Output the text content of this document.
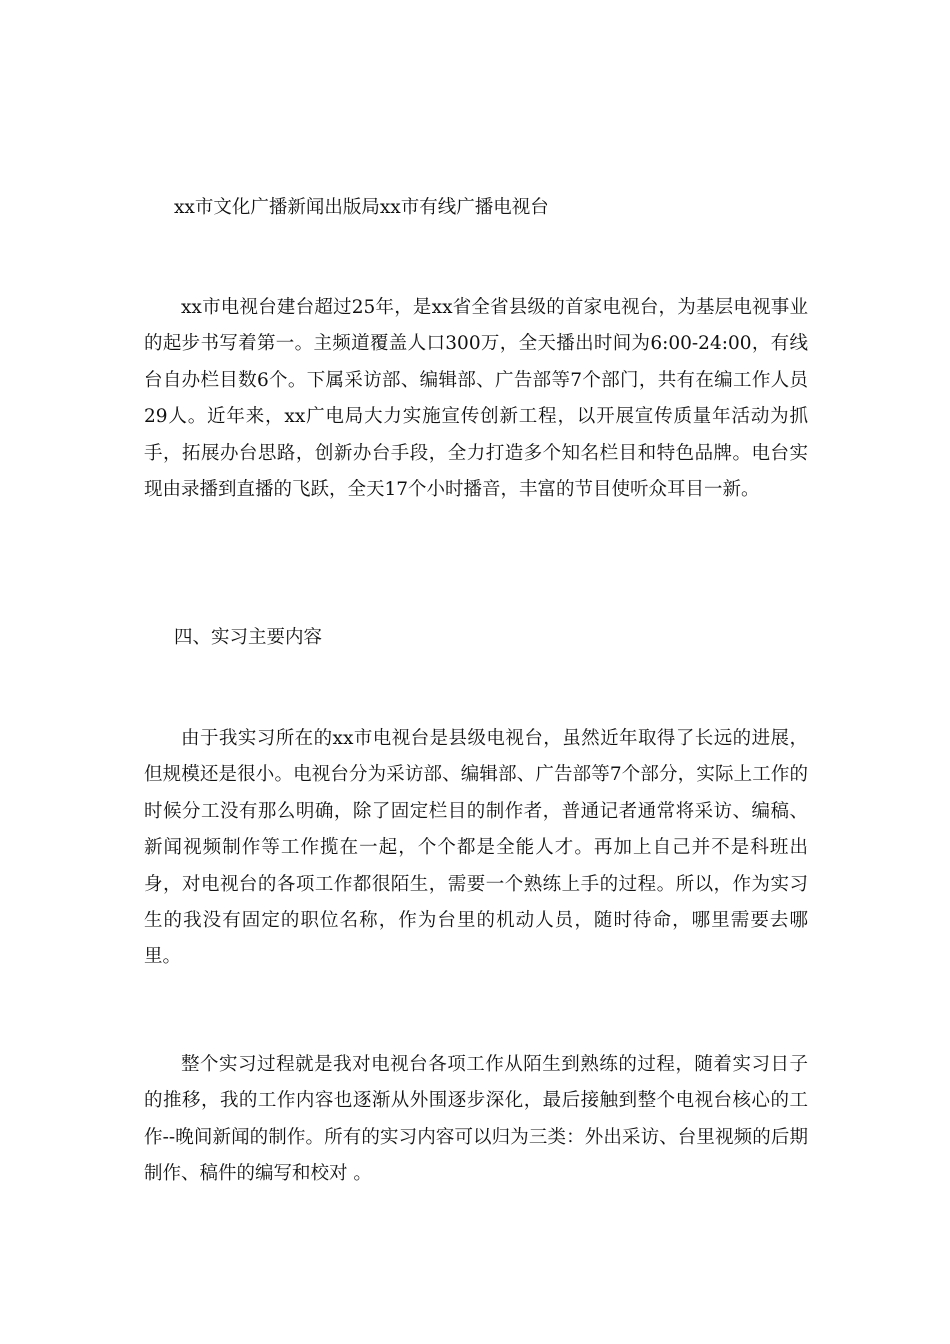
xx市文化广播新闻出版局xx市有线广播电视台

xx市电视台建台超过25年，是xx省全省县级的首家电视台，为基层电视事业的起步书写着第一。主频道覆盖人口300万，全天播出时间为6:00-24:00，有线台自办栏目数6个。下属采访部、编辑部、广告部等7个部门，共有在编工作人员29人。近年来，xx广电局大力实施宣传创新工程，以开展宣传质量年活动为抓手，拓展办台思路，创新办台手段，全力打造多个知名栏目和特色品牌。电台实现由录播到直播的飞跃，全天17个小时播音，丰富的节目使听众耳目一新。

四、实习主要内容

由于我实习所在的xx市电视台是县级电视台，虽然近年取得了长远的进展，但规模还是很小。电视台分为采访部、编辑部、广告部等7个部分，实际上工作的时候分工没有那么明确，除了固定栏目的制作者，普通记者通常将采访、编稿、新闻视频制作等工作揽在一起，个个都是全能人才。再加上自己并不是科班出身，对电视台的各项工作都很陌生，需要一个熟练上手的过程。所以，作为实习生的我没有固定的职位名称，作为台里的机动人员，随时待命，哪里需要去哪里。

整个实习过程就是我对电视台各项工作从陌生到熟练的过程，随着实习日子的推移，我的工作内容也逐渐从外围逐步深化，最后接触到整个电视台核心的工作--晚间新闻的制作。所有的实习内容可以归为三类：外出采访、台里视频的后期制作、稿件的编写和校对 。
